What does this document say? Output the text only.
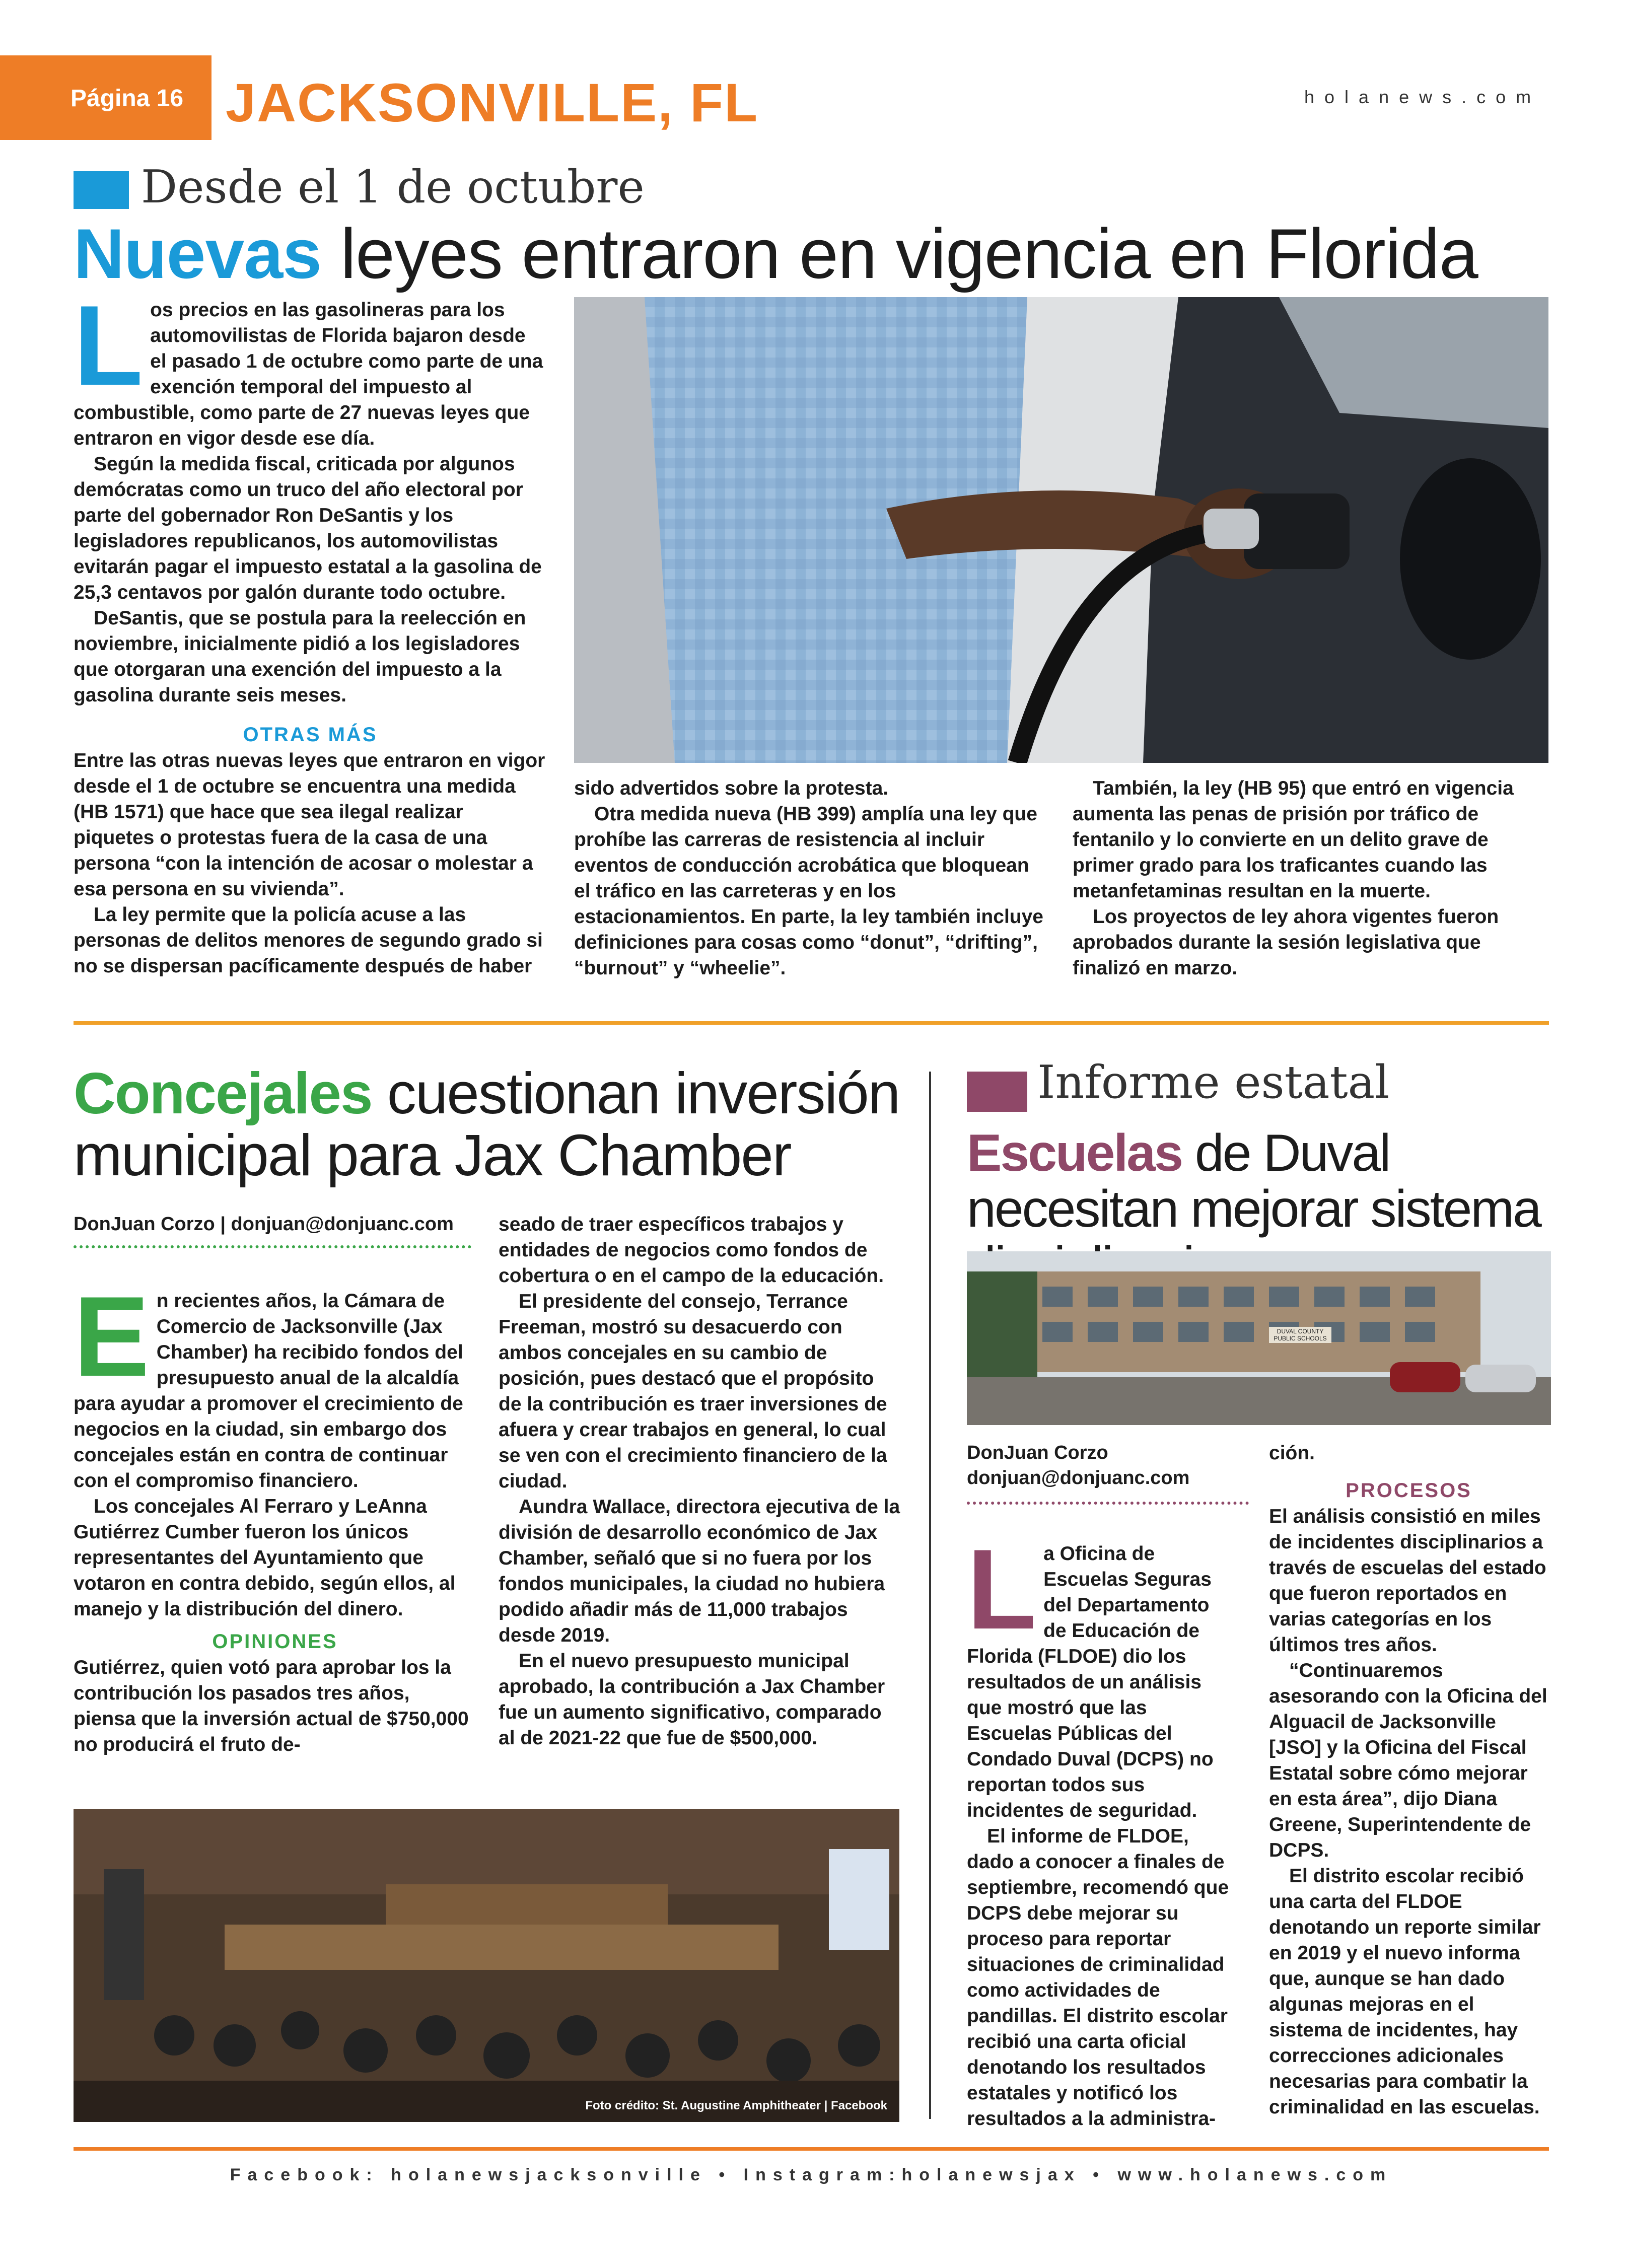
Página 16 JACKSONVILLE, FL	holanews.com
Desde el 1 de octubre
Nuevas leyes entraron en vigencia en Florida

Los precios en las gasolineras para los automovilistas de Florida bajaron desde el pasado 1 de octubre como parte de una exención temporal del impuesto al combustible, como parte de 27 nuevas leyes que entraron en vigor desde ese día.

Según la medida fiscal, criticada por algunos demócratas como un truco del año electoral por parte del gobernador Ron DeSantis y los legisladores republicanos, los automovilistas evitarán pagar el impuesto estatal a la gasolina de 25,3 centavos por galón durante todo octubre.

DeSantis, que se postula para la reelección en noviembre, inicialmente pidió a los legisladores que otorgaran una exención del impuesto a la gasolina durante seis meses.

OTRAS MÁS

Entre las otras nuevas leyes que entraron en vigor desde el 1 de octubre se encuentra una medida (HB 1571) que hace que sea ilegal realizar piquetes o protestas fuera de la casa de una persona “con la intención de acosar o molestar a esa persona en su vivienda”.

La ley permite que la policía acuse a las personas de delitos menores de segundo grado si no se dispersan pacíficamente después de haber

sido advertidos sobre la protesta.

Otra medida nueva (HB 399) amplía una ley que prohíbe las carreras de resistencia al incluir eventos de conducción acrobática que bloquean el tráfico en las carreteras y en los estacionamientos. En parte, la ley también incluye definiciones para cosas como “donut”, “drifting”, “burnout” y “wheelie”.

También, la ley (HB 95) que entró en vigencia aumenta las penas de prisión por tráfico de fentanilo y lo convierte en un delito grave de primer grado para los traficantes cuando las metanfetaminas resultan en la muerte.

Los proyectos de ley ahora vigentes fueron aprobados durante la sesión legislativa que finalizó en marzo.

Concejales cuestionan inversión municipal para Jax Chamber
DonJuan Corzo | donjuan@donjuanc.com

En recientes años, la Cámara de Comercio de Jacksonville (Jax Chamber) ha recibido fondos del presupuesto anual de la alcaldía para ayudar a promover el crecimiento de negocios en la ciudad, sin embargo dos concejales están en contra de continuar con el compromiso financiero.

Los concejales Al Ferraro y LeAnna Gutiérrez Cumber fueron los únicos representantes del Ayuntamiento que votaron en contra debido, según ellos, al manejo y la distribución del dinero.

OPINIONES

Gutiérrez, quien votó para aprobar los la contribución los pasados tres años, piensa que la inversión actual de $750,000 no producirá el fruto de-

seado de traer específicos trabajos y entidades de negocios como fondos de cobertura o en el campo de la educación.

El presidente del consejo, Terrance Freeman, mostró su desacuerdo con ambos concejales en su cambio de posición, pues destacó que el propósito de la contribución es traer inversiones de afuera y crear trabajos en general, lo cual se ven con el crecimiento financiero de la ciudad.

Aundra Wallace, directora ejecutiva de la división de desarrollo económico de Jax Chamber, señaló que si no fuera por los fondos municipales, la ciudad no hubiera podido añadir más de 11,000 trabajos desde 2019.

En el nuevo presupuesto municipal aprobado, la contribución a Jax Chamber fue un aumento significativo, comparado al de 2021-22 que fue de $500,000.

Foto crédito: St. Augustine Amphitheater | Facebook
Informe estatal
Escuelas de Duval necesitan mejorar sistema
DUVAL COUNTY PUBLIC SCHOOLS
DonJuan Corzo
donjuan@donjuanc.com

La Oficina de Escuelas Seguras del Departamento de Educación de Florida (FLDOE) dio los resultados de un análisis que mostró que las Escuelas Públicas del Condado Duval (DCPS) no reportan todos sus incidentes de seguridad.

El informe de FLDOE, dado a conocer a finales de septiembre, recomendó que DCPS debe mejorar su proceso para reportar situaciones de criminalidad como actividades de pandillas. El distrito escolar recibió una carta oficial denotando los resultados estatales y notificó los resultados a la administra-

ción.

PROCESOS

El análisis consistió en miles de incidentes disciplinarios a través de escuelas del estado que fueron reportados en varias categorías en los últimos tres años.

“Continuaremos asesorando con la Oficina del Alguacil de Jacksonville [JSO] y la Oficina del Fiscal Estatal sobre cómo mejorar en esta área”, dijo Diana Greene, Superintendente de DCPS.

El distrito escolar recibió una carta del FLDOE denotando un reporte similar en 2019 y el nuevo informa que, aunque se han dado algunas mejoras en el sistema de incidentes, hay correcciones adicionales necesarias para combatir la criminalidad en las escuelas.

Facebook: holanewsjacksonville • Instagram:holanewsjax • www.holanews.com
